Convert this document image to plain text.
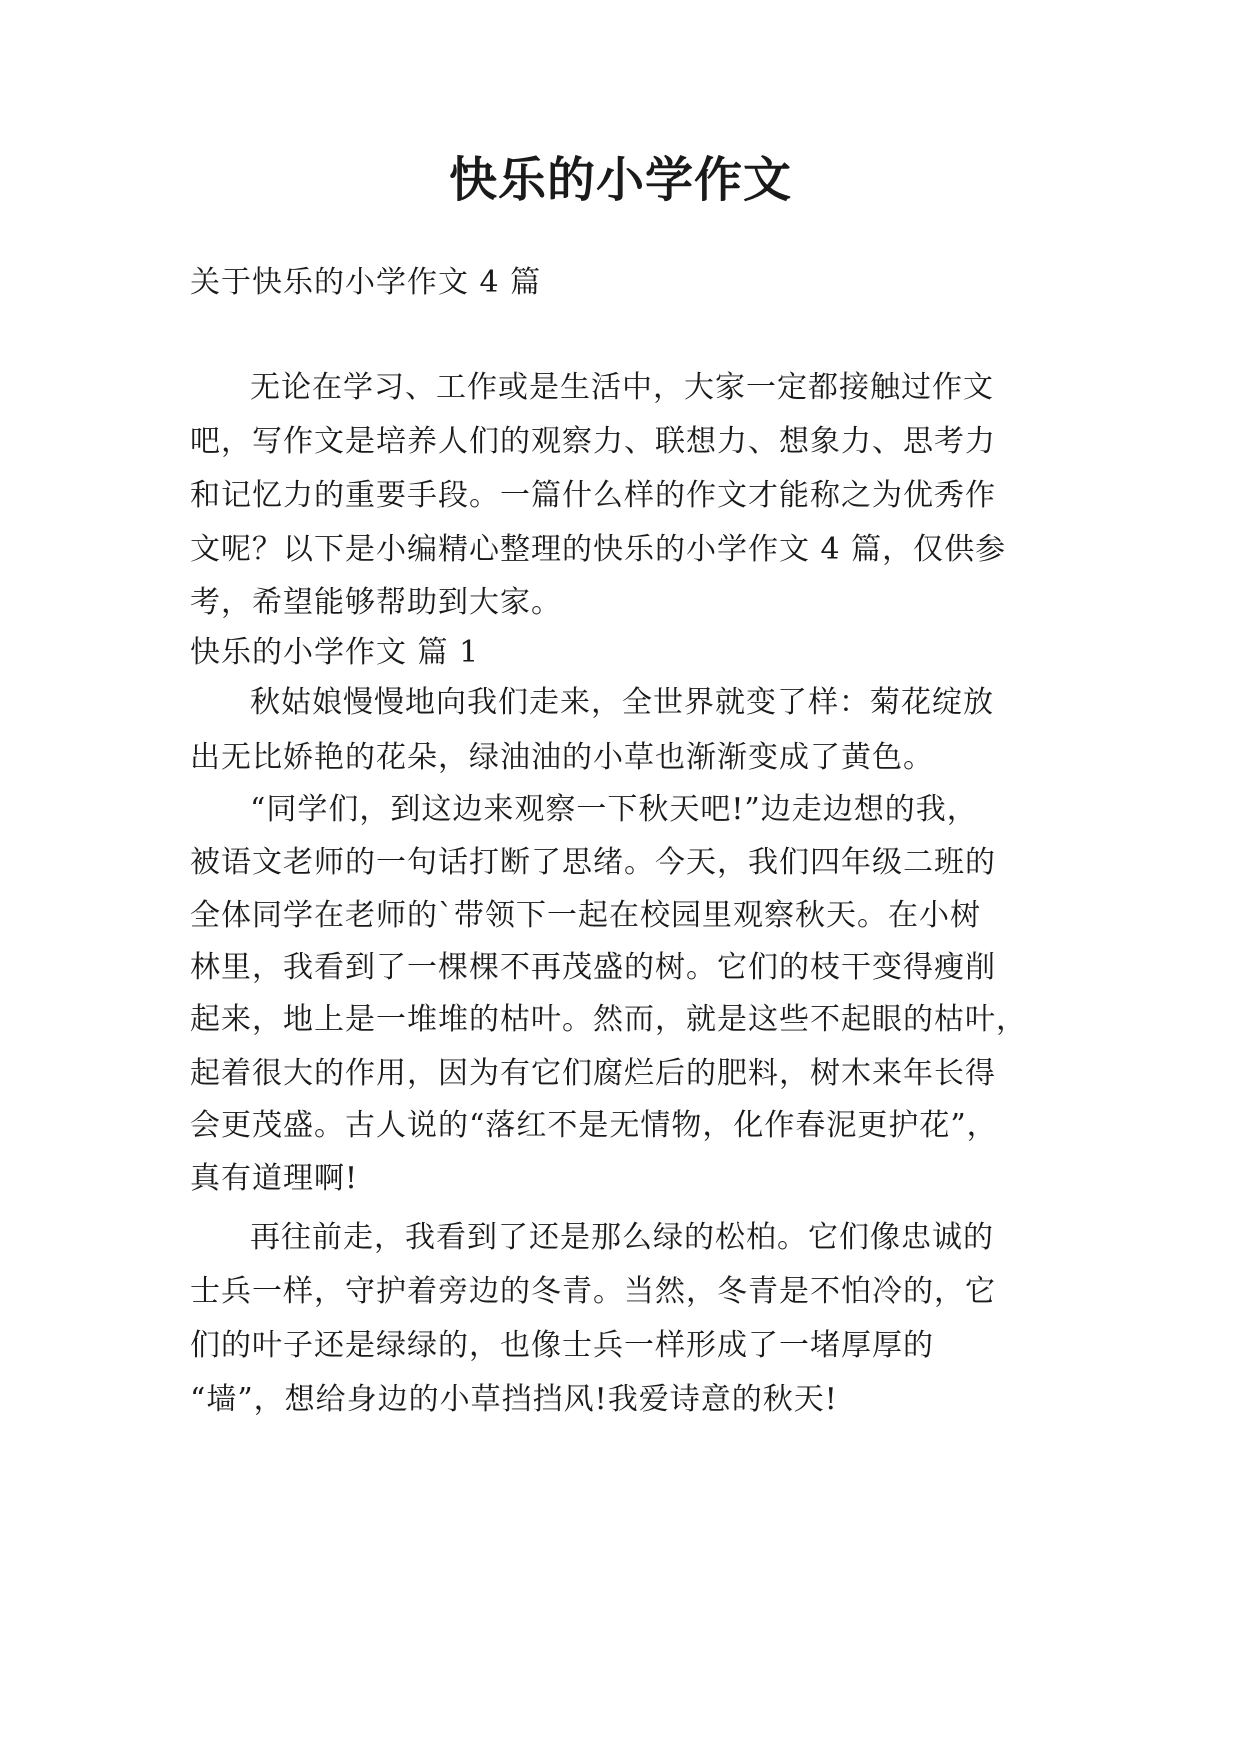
快乐的小学作文

关于快乐的小学作文 4 篇

无论在学习、工作或是生活中，大家一定都接触过作文

吧，写作文是培养人们的观察力、联想力、想象力、思考力

和记忆力的重要手段。一篇什么样的作文才能称之为优秀作

文呢？以下是小编精心整理的快乐的小学作文 4 篇，仅供参

考，希望能够帮助到大家。

快乐的小学作文 篇 1

秋姑娘慢慢地向我们走来，全世界就变了样：菊花绽放

出无比娇艳的花朵，绿油油的小草也渐渐变成了黄色。

“同学们，到这边来观察一下秋天吧!”边走边想的我，

被语文老师的一句话打断了思绪。今天，我们四年级二班的

全体同学在老师的`带领下一起在校园里观察秋天。在小树

林里，我看到了一棵棵不再茂盛的树。它们的枝干变得瘦削

起来，地上是一堆堆的枯叶。然而，就是这些不起眼的枯叶，

起着很大的作用，因为有它们腐烂后的肥料，树木来年长得

会更茂盛。古人说的“落红不是无情物，化作春泥更护花”，

真有道理啊!

再往前走，我看到了还是那么绿的松柏。它们像忠诚的

士兵一样，守护着旁边的冬青。当然，冬青是不怕冷的，它

们的叶子还是绿绿的，也像士兵一样形成了一堵厚厚的

“墙”，想给身边的小草挡挡风!我爱诗意的秋天!
